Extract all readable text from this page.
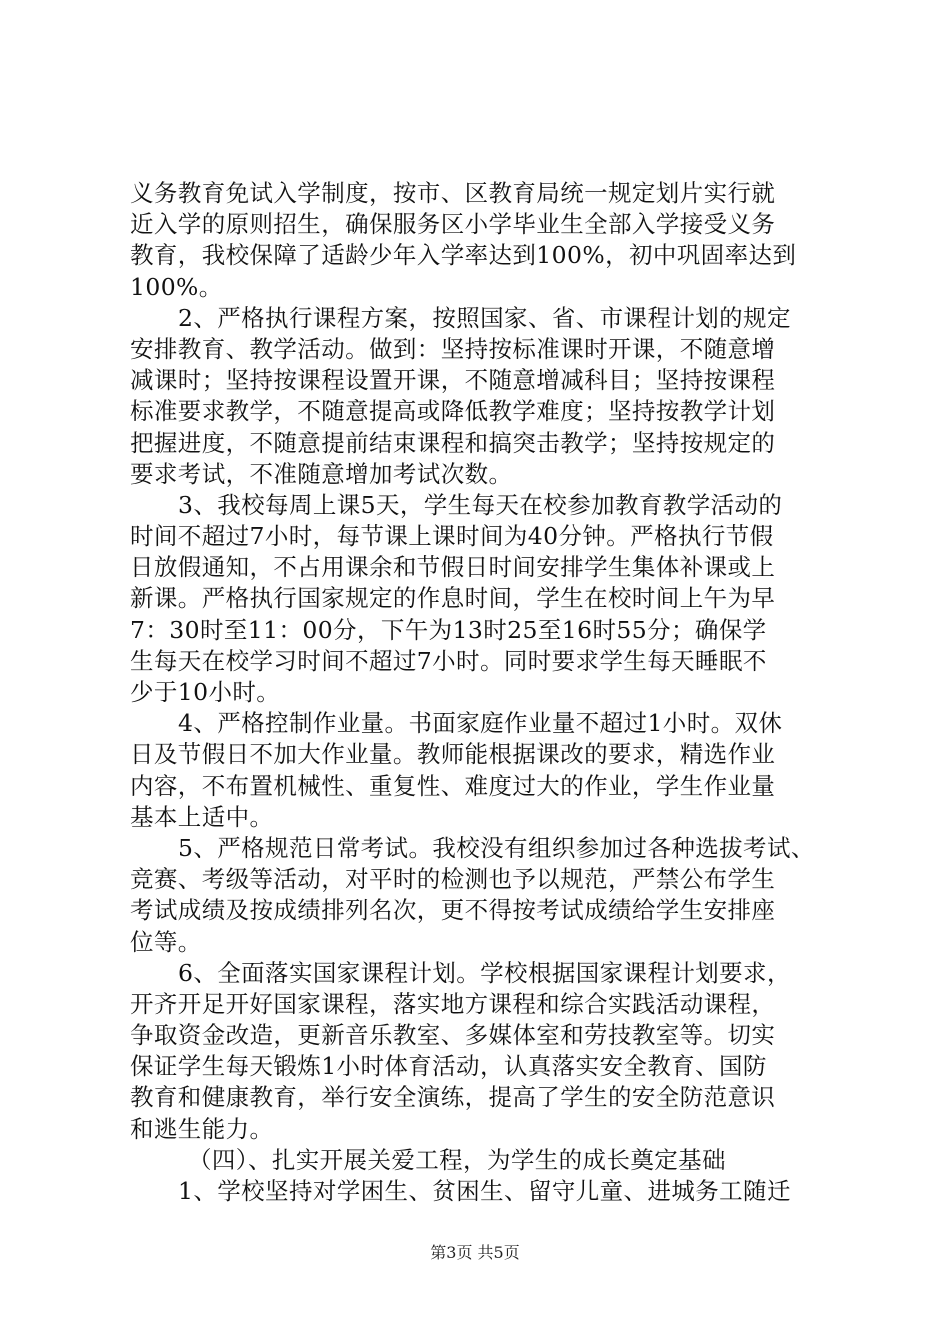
义务教育免试入学制度，按市、区教育局统一规定划片实行就
近入学的原则招生，确保服务区小学毕业生全部入学接受义务
教育，我校保障了适龄少年入学率达到100%，初中巩固率达到
100%。
2、严格执行课程方案，按照国家、省、市课程计划的规定
安排教育、教学活动。做到：坚持按标准课时开课，不随意增
减课时；坚持按课程设置开课，不随意增减科目；坚持按课程
标准要求教学，不随意提高或降低教学难度；坚持按教学计划
把握进度，不随意提前结束课程和搞突击教学；坚持按规定的
要求考试，不准随意增加考试次数。
3、我校每周上课5天，学生每天在校参加教育教学活动的
时间不超过7小时，每节课上课时间为40分钟。严格执行节假
日放假通知，不占用课余和节假日时间安排学生集体补课或上
新课。严格执行国家规定的作息时间，学生在校时间上午为早
7：30时至11：00分，下午为13时25至16时55分；确保学
生每天在校学习时间不超过7小时。同时要求学生每天睡眠不
少于10小时。
4、严格控制作业量。书面家庭作业量不超过1小时。双休
日及节假日不加大作业量。教师能根据课改的要求，精选作业
内容，不布置机械性、重复性、难度过大的作业，学生作业量
基本上适中。
5、严格规范日常考试。我校没有组织参加过各种选拔考试、
竞赛、考级等活动，对平时的检测也予以规范，严禁公布学生
考试成绩及按成绩排列名次，更不得按考试成绩给学生安排座
位等。
6、全面落实国家课程计划。学校根据国家课程计划要求，
开齐开足开好国家课程，落实地方课程和综合实践活动课程，
争取资金改造，更新音乐教室、多媒体室和劳技教室等。切实
保证学生每天锻炼1小时体育活动，认真落实安全教育、国防
教育和健康教育，举行安全演练，提高了学生的安全防范意识
和逃生能力。
（四）、扎实开展关爱工程，为学生的成长奠定基础
1、学校坚持对学困生、贫困生、留守儿童、进城务工随迁
第3页 共5页
